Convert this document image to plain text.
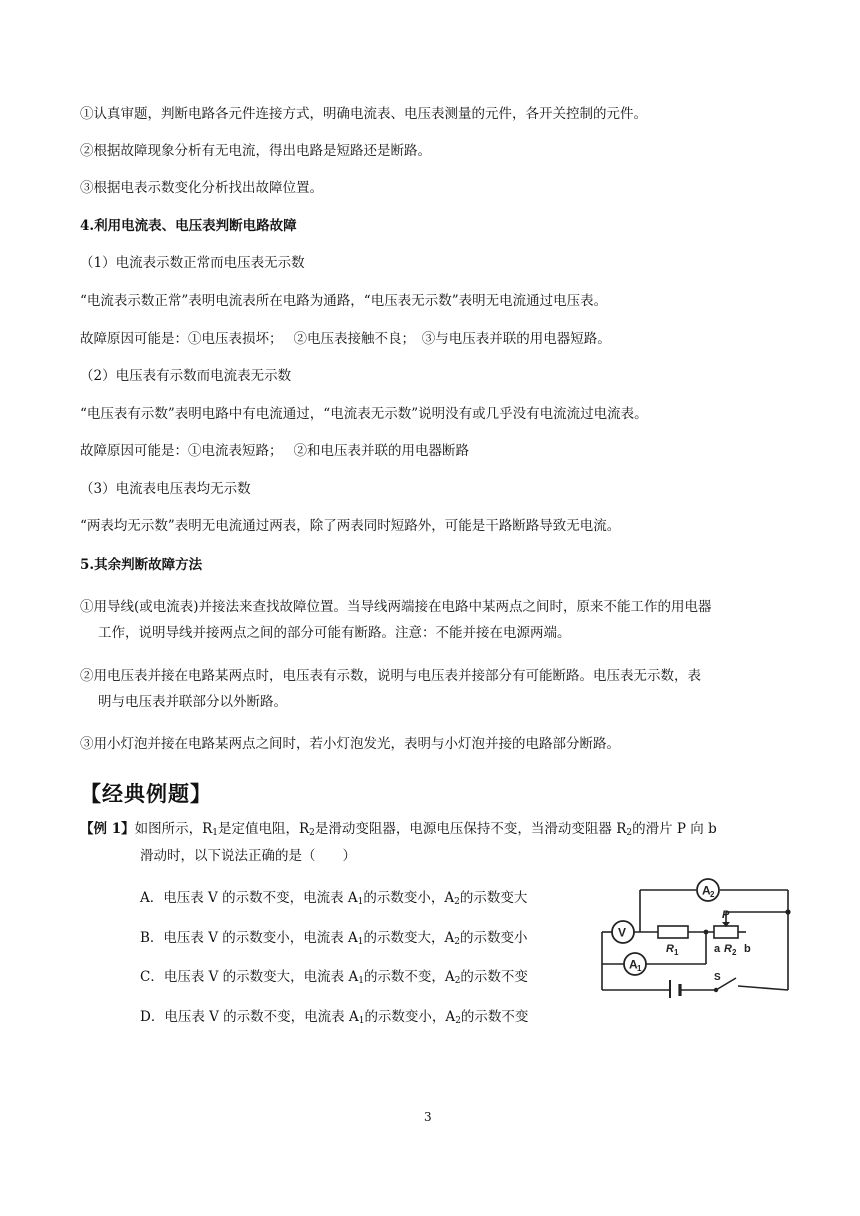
①认真审题，判断电路各元件连接方式，明确电流表、电压表测量的元件，各开关控制的元件。
②根据故障现象分析有无电流，得出电路是短路还是断路。
③根据电表示数变化分析找出故障位置。
4.利用电流表、电压表判断电路故障
（1）电流表示数正常而电压表无示数
“电流表示数正常”表明电流表所在电路为通路，“电压表无示数”表明无电流通过电压表。
故障原因可能是：①电压表损坏；　 ②电压表接触不良；　③与电压表并联的用电器短路。
（2）电压表有示数而电流表无示数
“电压表有示数”表明电路中有电流通过，“电流表无示数”说明没有或几乎没有电流流过电流表。
故障原因可能是：①电流表短路；　 ②和电压表并联的用电器断路
（3）电流表电压表均无示数
“两表均无示数”表明无电流通过两表，除了两表同时短路外，可能是干路断路导致无电流。
5.其余判断故障方法
①用导线(或电流表)并接法来查找故障位置。当导线两端接在电路中某两点之间时，原来不能工作的用电器
工作，说明导线并接两点之间的部分可能有断路。注意：不能并接在电源两端。
②用电压表并接在电路某两点时，电压表有示数，说明与电压表并接部分有可能断路。电压表无示数，表
明与电压表并联部分以外断路。
③用小灯泡并接在电路某两点之间时，若小灯泡发光，表明与小灯泡并接的电路部分断路。
【经典例题】
【例 1】如图所示，$R_1$是定值电阻，$R_2$是滑动变阻器，电源电压保持不变，当滑动变阻器 $R_2$的滑片 P 向 b
滑动时，以下说法正确的是（　　）
A．电压表 V 的示数不变，电流表 $A_1$的示数变小，$A_2$的示数变大
B．电压表 V 的示数变小，电流表 $A_1$的示数变大，$A_2$的示数变小
C．电压表 V 的示数变大，电流表 $A_1$的示数不变，$A_2$的示数不变
D．电压表 V 的示数不变，电流表 $A_1$的示数变小，$A_2$的示数不变
A 2
V
A 1
R 1
P
a R 2 b
S
3
